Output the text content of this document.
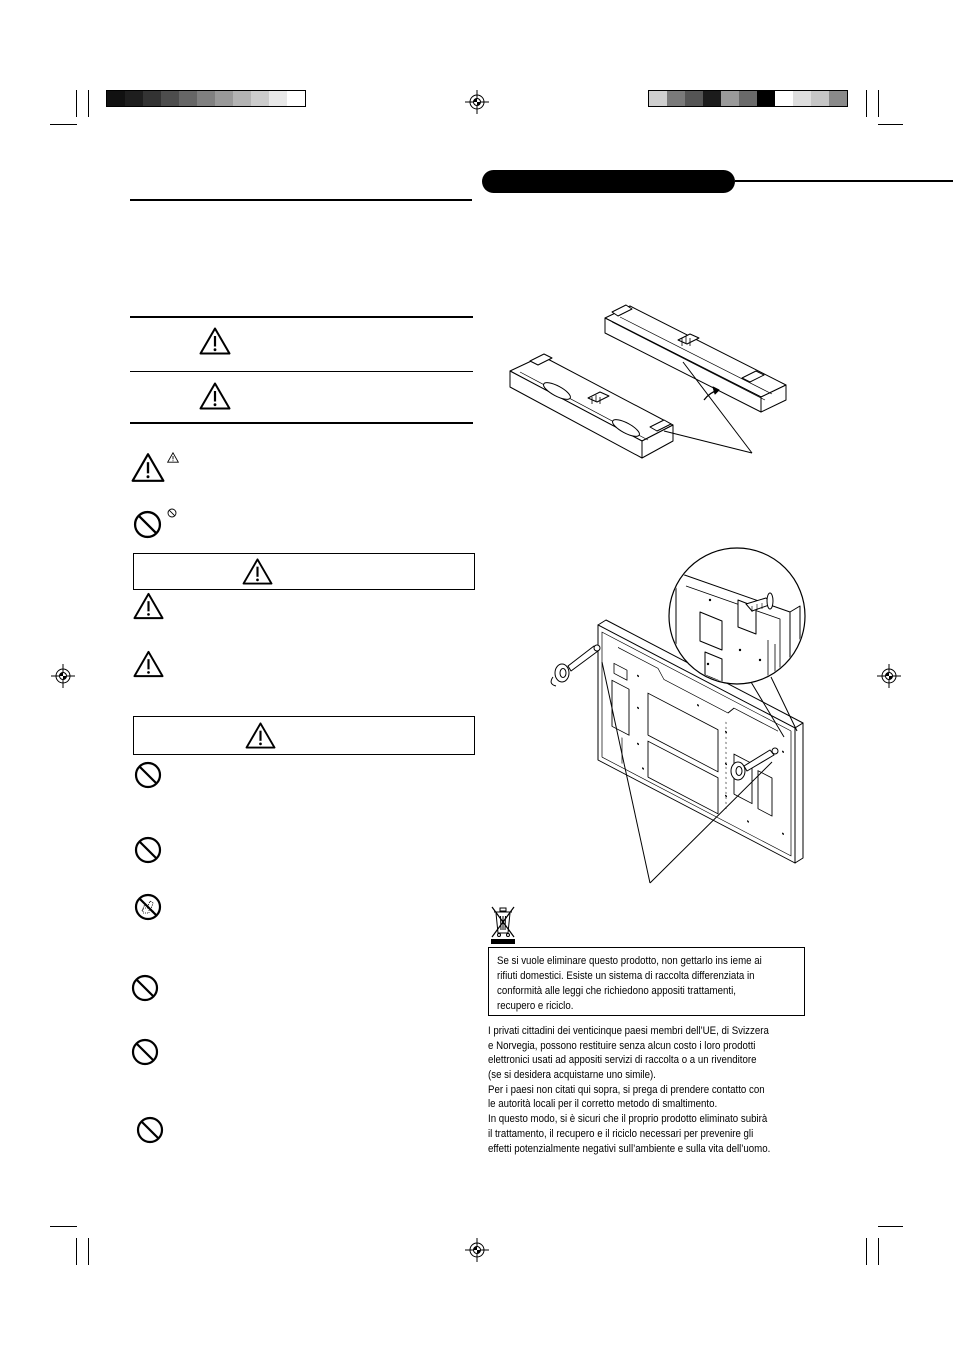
Se si vuole eliminare questo prodotto, non gettarlo ins ieme ai
rifiuti domestici. Esiste un sistema di raccolta differenziata in
conformità alle leggi che richiedono appositi trattamenti,
recupero e riciclo.
I privati cittadini dei venticinque paesi membri dell’UE, di Svizzera
e Norvegia, possono restituire senza alcun costo i loro prodotti
elettronici usati ad appositi servizi di raccolta o a un rivenditore
(se si desidera acquistarne uno simile).
Per i paesi non citati qui sopra, si prega di prendere contatto con
le autorità locali per il corretto metodo di smaltimento.
In questo modo, si è sicuri che il proprio prodotto eliminato subirà
il trattamento, il recupero e il riciclo necessari per prevenire gli
effetti potenzialmente negativi sull’ambiente e sulla vita dell’uomo.
